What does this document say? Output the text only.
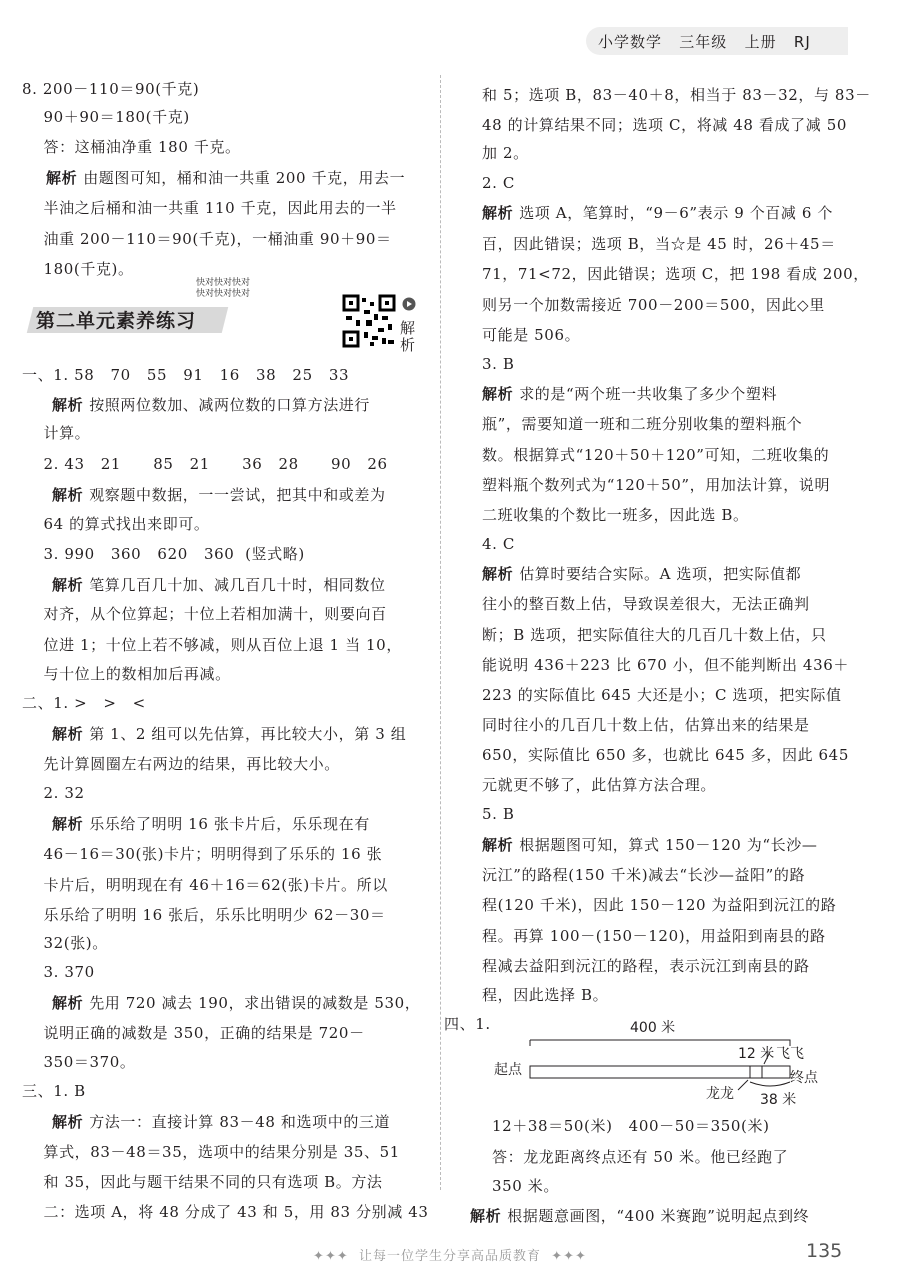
小学数学   三年级   上册   RJ
8. 200－110＝90(千克)
90＋90＝180(千克)
答：这桶油净重 180 千克。
解析 由题图可知，桶和油一共重 200 千克，用去一
半油之后桶和油一共重 110 千克，因此用去的一半
油重 200－110＝90(千克)，一桶油重 90＋90＝
180(千克)。
快对快对快对
快对快对快对
第二单元素养练习	解析
一、1. 58   70   55   91   16   38   25   33
解析 按照两位数加、减两位数的口算方法进行
计算。
2. 43   21      85   21      36   28      90   26
解析 观察题中数据，一一尝试，把其中和或差为
64 的算式找出来即可。
3. 990   360   620   360  (竖式略)
解析 笔算几百几十加、减几百几十时，相同数位
对齐，从个位算起；十位上若相加满十，则要向百
位进 1；十位上若不够减，则从百位上退 1 当 10，
与十位上的数相加后再减。
二、1. >   >   <
解析 第 1、2 组可以先估算，再比较大小，第 3 组
先计算圆圈左右两边的结果，再比较大小。
2. 32
解析 乐乐给了明明 16 张卡片后，乐乐现在有
46－16＝30(张)卡片；明明得到了乐乐的 16 张
卡片后，明明现在有 46＋16＝62(张)卡片。所以
乐乐给了明明 16 张后，乐乐比明明少 62－30＝
32(张)。
3. 370
解析 先用 720 减去 190，求出错误的减数是 530，
说明正确的减数是 350，正确的结果是 720－
350＝370。
三、1. B
解析 方法一：直接计算 83－48 和选项中的三道
算式，83－48＝35，选项中的结果分别是 35、51
和 35，因此与题干结果不同的只有选项 B。方法
二：选项 A，将 48 分成了 43 和 5，用 83 分别减 43
和 5；选项 B，83－40＋8，相当于 83－32，与 83－
48 的计算结果不同；选项 C，将减 48 看成了减 50
加 2。
2. C
解析 选项 A，笔算时，“9－6”表示 9 个百减 6 个
百，因此错误；选项 B，当☆是 45 时，26＋45＝
71，71<72，因此错误；选项 C，把 198 看成 200，
则另一个加数需接近 700－200＝500，因此◇里
可能是 506。
3. B
解析 求的是“两个班一共收集了多少个塑料
瓶”，需要知道一班和二班分别收集的塑料瓶个
数。根据算式“120＋50＋120”可知，二班收集的
塑料瓶个数列式为“120＋50”，用加法计算，说明
二班收集的个数比一班多，因此选 B。
4. C
解析 估算时要结合实际。A 选项，把实际值都
往小的整百数上估，导致误差很大，无法正确判
断；B 选项，把实际值往大的几百几十数上估，只
能说明 436＋223 比 670 小，但不能判断出 436＋
223 的实际值比 645 大还是小；C 选项，把实际值
同时往小的几百几十数上估，估算出来的结果是
650，实际值比 650 多，也就比 645 多，因此 645
元就更不够了，此估算方法合理。
5. B
解析 根据题图可知，算式 150－120 为“长沙—
沅江”的路程(150 千米)减去“长沙—益阳”的路
程(120 千米)，因此 150－120 为益阳到沅江的路
程。再算 100－(150－120)，用益阳到南县的路
程减去益阳到沅江的路程，表示沅江到南县的路
程，因此选择 B。
四、1.
12＋38＝50(米)   400－50＝350(米)
答：龙龙距离终点还有 50 米。他已经跑了
350 米。
解析 根据题意画图，“400 米赛跑”说明起点到终
400 米
起点
12 米 飞飞
终点
龙龙 38 米
✦✦✦  让每一位学生分享高品质教育  ✦✦✦	135
